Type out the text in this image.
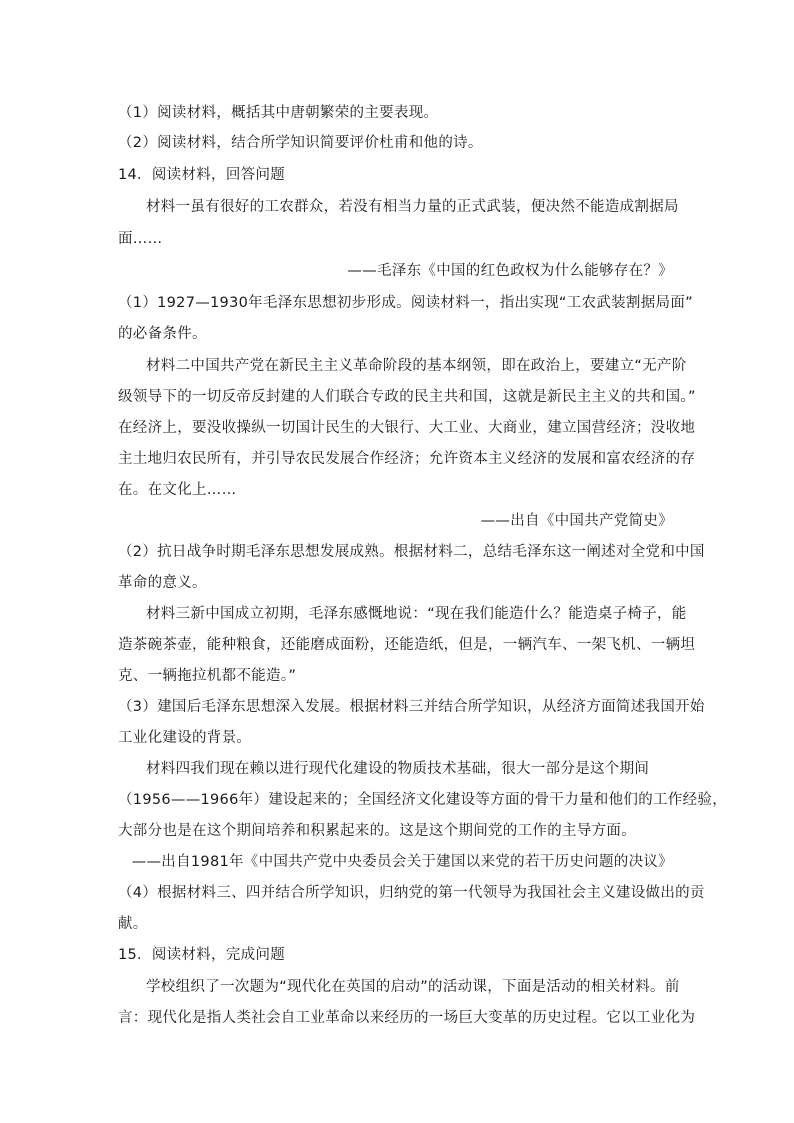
（1）阅读材料，概括其中唐朝繁荣的主要表现。
（2）阅读材料，结合所学知识简要评价杜甫和他的诗。
14．阅读材料，回答问题
材料一虽有很好的工农群众，若没有相当力量的正式武装，便决然不能造成割据局
面……
——毛泽东《中国的红色政权为什么能够存在？》
（1）1927—1930年毛泽东思想初步形成。阅读材料一，指出实现“工农武装割据局面”
的必备条件。
材料二中国共产党在新民主主义革命阶段的基本纲领，即在政治上，要建立“无产阶
级领导下的一切反帝反封建的人们联合专政的民主共和国，这就是新民主主义的共和国。”
在经济上，要没收操纵一切国计民生的大银行、大工业、大商业，建立国营经济；没收地
主土地归农民所有，并引导农民发展合作经济；允许资本主义经济的发展和富农经济的存
在。在文化上……
——出自《中国共产党简史》
（2）抗日战争时期毛泽东思想发展成熟。根据材料二，总结毛泽东这一阐述对全党和中国
革命的意义。
材料三新中国成立初期，毛泽东感慨地说：“现在我们能造什么？能造桌子椅子，能
造茶碗茶壶，能种粮食，还能磨成面粉，还能造纸，但是，一辆汽车、一架飞机、一辆坦
克、一辆拖拉机都不能造。”
（3）建国后毛泽东思想深入发展。根据材料三并结合所学知识，从经济方面简述我国开始
工业化建设的背景。
材料四我们现在赖以进行现代化建设的物质技术基础，很大一部分是这个期间
（1956——1966年）建设起来的；全国经济文化建设等方面的骨干力量和他们的工作经验，
大部分也是在这个期间培养和积累起来的。这是这个期间党的工作的主导方面。
——出自1981年《中国共产党中央委员会关于建国以来党的若干历史问题的决议》
（4）根据材料三、四并结合所学知识，归纳党的第一代领导为我国社会主义建设做出的贡
献。
15．阅读材料，完成问题
学校组织了一次题为“现代化在英国的启动”的活动课，下面是活动的相关材料。前
言：现代化是指人类社会自工业革命以来经历的一场巨大变革的历史过程。它以工业化为
